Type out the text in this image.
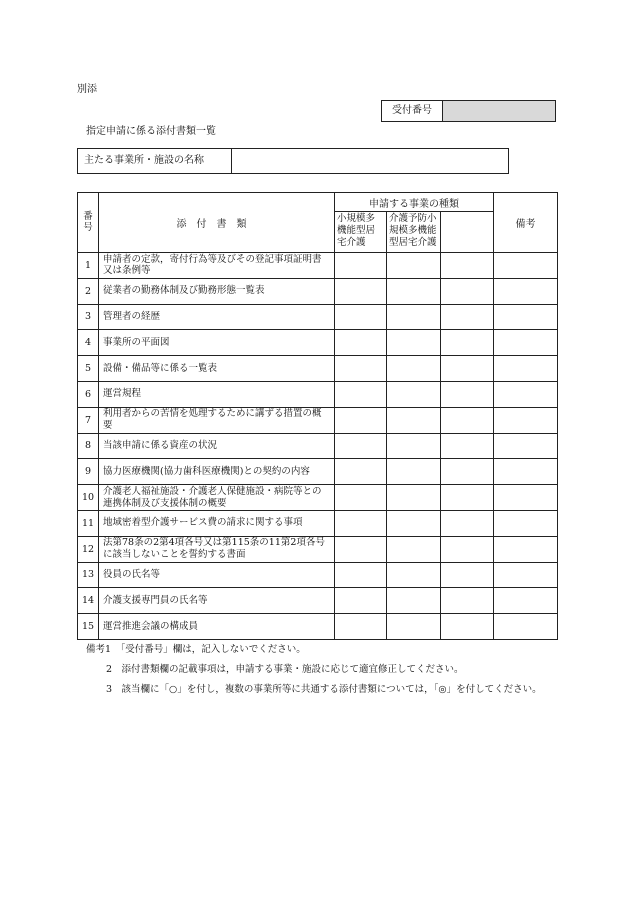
別添
受付番号
指定申請に係る添付書類一覧
主たる事業所・施設の名称
番号	添付書類	申請する事業の種類			備考
		小規模多機能型居宅介護	介護予防小規模多機能型居宅介護		
1	申請者の定款，寄付行為等及びその登記事項証明書又は条例等				
2	従業者の勤務体制及び勤務形態一覧表				
3	管理者の経歴				
4	事業所の平面図				
5	設備・備品等に係る一覧表				
6	運営規程				
7	利用者からの苦情を処理するために講ずる措置の概要				
8	当該申請に係る資産の状況				
9	協力医療機関(協力歯科医療機関)との契約の内容				
10	介護老人福祉施設・介護老人保健施設・病院等との連携体制及び支援体制の概要				
11	地域密着型介護サービス費の請求に関する事項				
12	法第78条の2第4項各号又は第115条の11第2項各号に該当しないことを誓約する書面				
13	役員の氏名等				
14	介護支援専門員の氏名等				
15	運営推進会議の構成員				
備考1　「受付番号」欄は，記入しないでください。
2　添付書類欄の記載事項は，申請する事業・施設に応じて適宜修正してください。
3　該当欄に「○」を付し，複数の事業所等に共通する添付書類については，「◎」を付してください。
